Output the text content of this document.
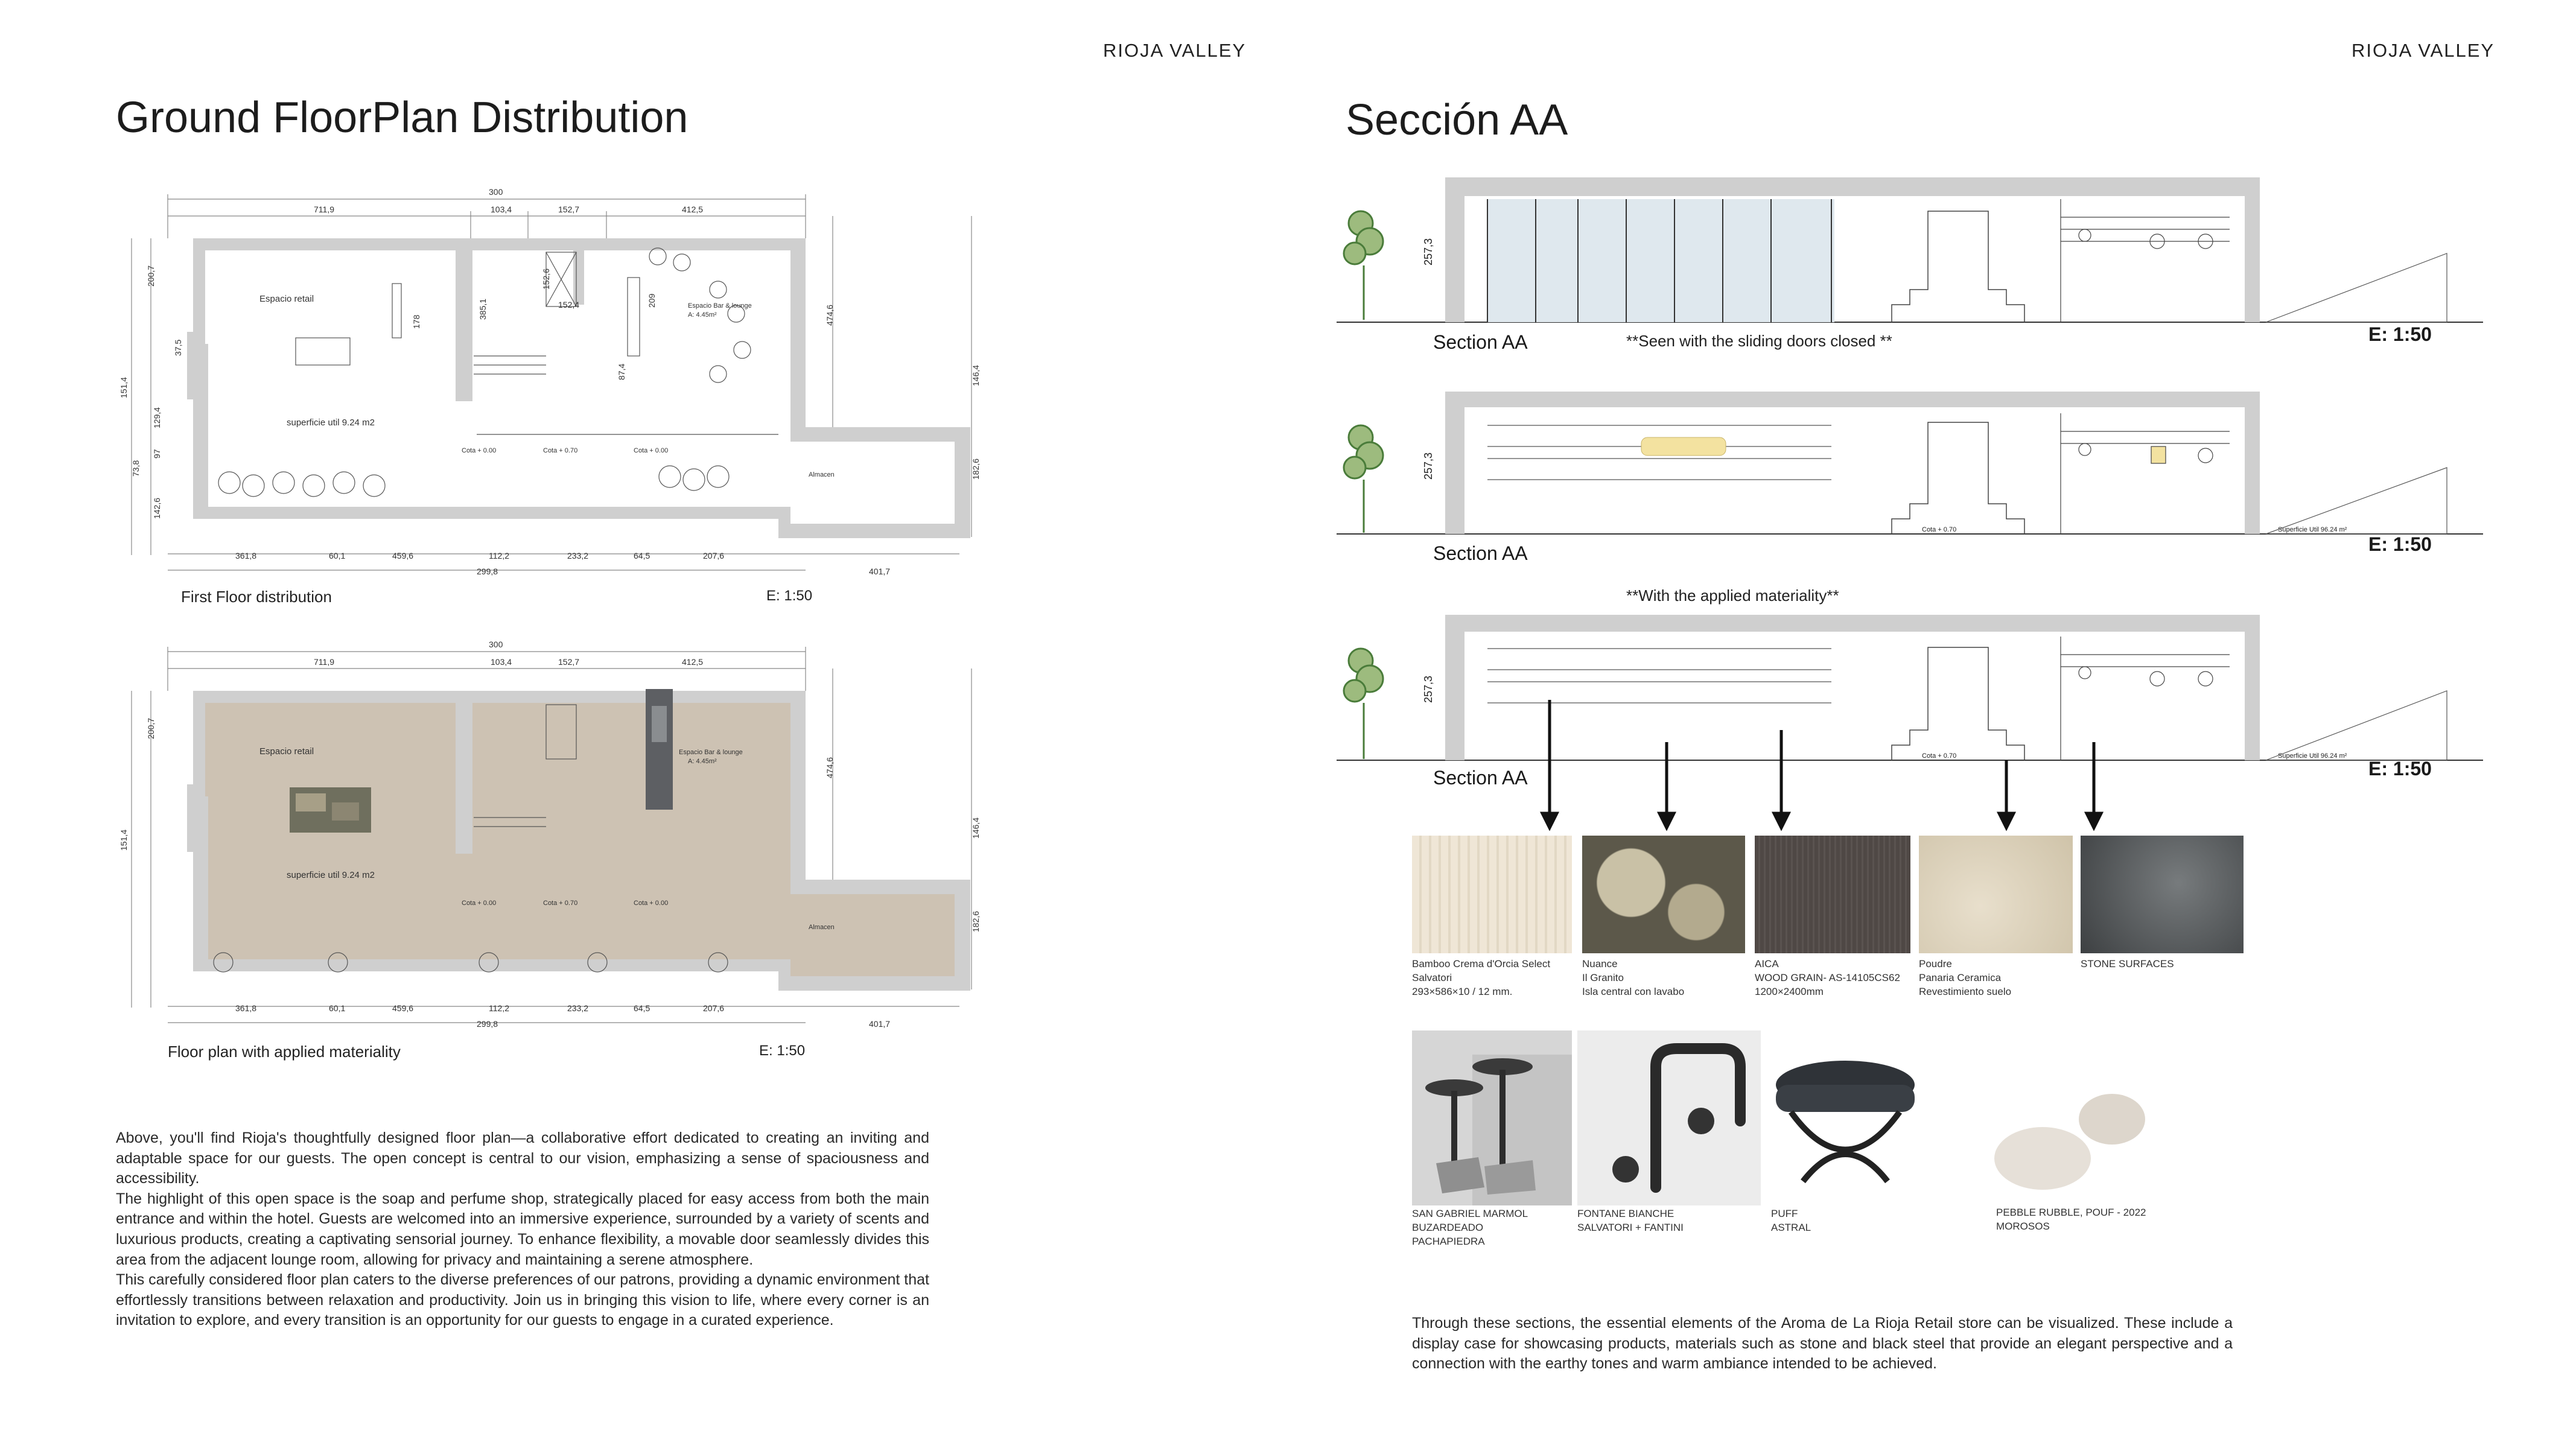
RIOJA VALLEY
Ground FloorPlan Distribution
300
711,9	103,4	152,7	412,5
361,8	60,1	459,6	112,2	233,2	64,5	207,6
299,8	401,7
Espacio retail
superficie util 9.24 m2
Espacio Bar & lounge
A: 4.45m²
Almacen
Cota + 0.00	Cota + 0.70	Cota + 0.00
474,6
146,4
182,6
200,7
37,5
151,4
129,4
97
73,8
142,6
385,1
152,6
152,4	209
87,4
178
First Floor distribution	E: 1:50
300
711,9	103,4	152,7	412,5
361,8	60,1	459,6	112,2	233,2	64,5	207,6
299,8	401,7
Espacio retail
superficie util 9.24 m2
Espacio Bar & lounge
A: 4.45m²
Almacen
Cota + 0.00	Cota + 0.70	Cota + 0.00
474,6
146,4
182,6
200,7
151,4
Floor plan with applied materiality	E: 1:50

Above, you'll find Rioja's thoughtfully designed floor plan—a collaborative effort dedicated to creating an inviting and adaptable space for our guests. The open concept is central to our vision, emphasizing a sense of spaciousness and accessibility.

The highlight of this open space is the soap and perfume shop, strategically placed for easy access from both the main entrance and within the hotel. Guests are welcomed into an immersive experience, surrounded by a variety of scents and luxurious products, creating a captivating sensorial journey. To enhance flexibility, a movable door seamlessly divides this area from the adjacent lounge room, allowing for privacy and maintaining a serene atmosphere.

This carefully considered floor plan caters to the diverse preferences of our patrons, providing a dynamic environment that effortlessly transitions between relaxation and productivity. Join us in bringing this vision to life, where every corner is an invitation to explore, and every transition is an opportunity for our guests to engage in a curated experience.

RIOJA VALLEY
Sección AA
257,3
Section AA	**Seen with the sliding doors closed **	E: 1:50
257,3
Cota + 0.70	Superficie Util 96.24 m²
Section AA	E: 1:50
**With the applied materiality**
257,3
Cota + 0.70	Superficie Util 96.24 m²
Section AA	E: 1:50
Bamboo Crema d'Orcia Select
Salvatori
293×586×10 / 12 mm.
Nuance
Il Granito
Isla central con lavabo
AICA
WOOD GRAIN- AS-14105CS62
1200×2400mm
Poudre
Panaria Ceramica
Revestimiento suelo
STONE SURFACES
SAN GABRIEL MARMOL
BUZARDEADO
PACHAPIEDRA
FONTANE BIANCHE
SALVATORI + FANTINI
PUFF
ASTRAL
PEBBLE RUBBLE, POUF - 2022
MOROSOS
Through these sections, the essential elements of the Aroma de La Rioja Retail store can be visualized. These include a display case for showcasing products, materials such as stone and black steel that provide an elegant perspective and a connection with the earthy tones and warm ambiance intended to be achieved.
